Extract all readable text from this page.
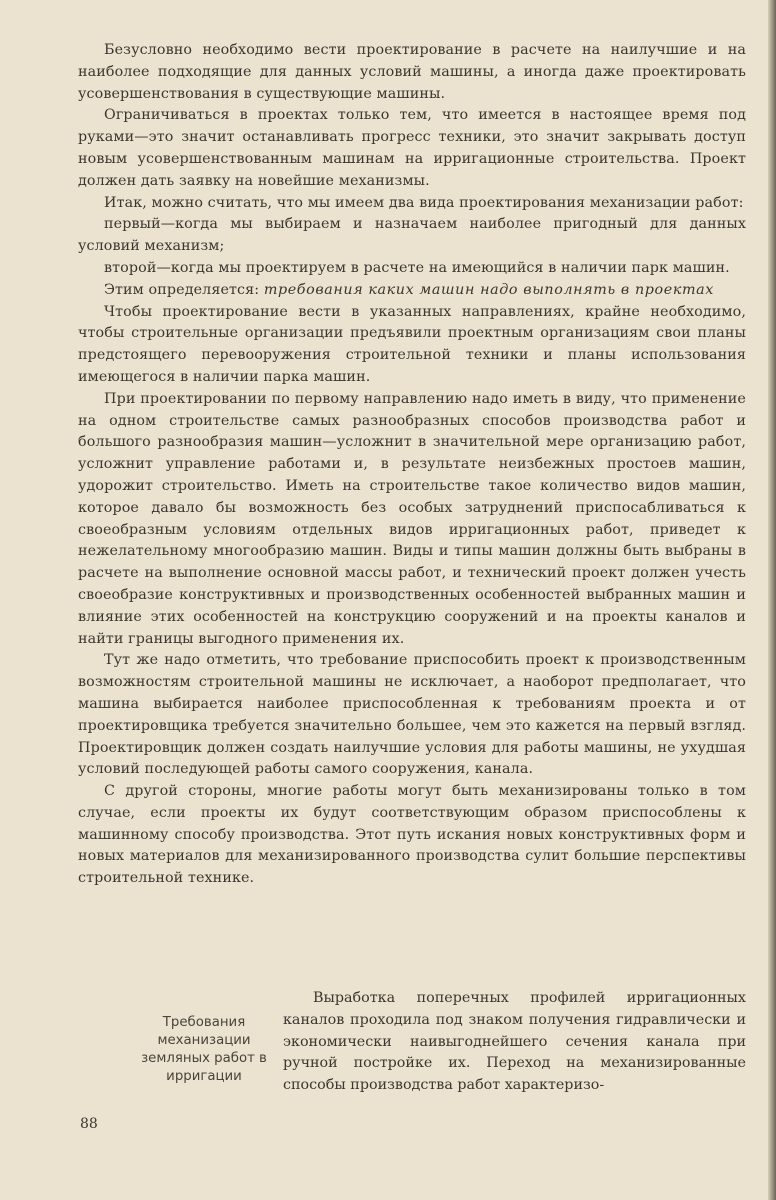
Безусловно необходимо вести проектирование в расчете на наилучшие и на наиболее подходящие для данных условий машины, а иногда даже проектировать усовершенствования в существующие машины.

Ограничиваться в проектах только тем, что имеется в настоящее время под руками—это значит останавливать прогресс техники, это значит закрывать доступ новым усовершенствованным машинам на ирригационные строительства. Проект должен дать заявку на новейшие механизмы.

Итак, можно считать, что мы имеем два вида проектирования механизации работ:

первый—когда мы выбираем и назначаем наиболее пригодный для данных условий механизм;

второй—когда мы проектируем в расчете на имеющийся в наличии парк машин.

Этим определяется: требования каких машин надо выполнять в проектах

Чтобы проектирование вести в указанных направлениях, крайне необходимо, чтобы строительные организации предъявили проектным организациям свои планы предстоящего перевооружения строительной техники и планы использования имеющегося в наличии парка машин.

При проектировании по первому направлению надо иметь в виду, что применение на одном строительстве самых разнообразных способов производства работ и большого разнообразия машин—усложнит в значительной мере организацию работ, усложнит управление работами и, в результате неизбежных простоев машин, удорожит строительство. Иметь на строительстве такое количество видов машин, которое давало бы возможность без особых затруднений приспосабливаться к своеобразным условиям отдельных видов ирригационных работ, приведет к нежелательному многообразию машин. Виды и типы машин должны быть выбраны в расчете на выполнение основной массы работ, и технический проект должен учесть своеобразие конструктивных и производственных особенностей выбранных машин и влияние этих особенностей на конструкцию сооружений и на проекты каналов и найти границы выгодного применения их.

Тут же надо отметить, что требование приспособить проект к производственным возможностям строительной машины не исключает, а наоборот предполагает, что машина выбирается наиболее приспособленная к требованиям проекта и от проектировщика требуется значительно большее, чем это кажется на первый взгляд. Проектировщик должен создать наилучшие условия для работы машины, не ухудшая условий последующей работы самого сооружения, канала.

С другой стороны, многие работы могут быть механизированы только в том случае, если проекты их будут соответствующим образом приспособлены к машинному способу производства. Этот путь искания новых конструктивных форм и новых материалов для механизированного производства сулит большие перспективы строительной технике.

Требования
механизации
земляных работ в
ирригации

Выработка поперечных профилей ирригационных каналов проходила под знаком получения гидравлически и экономически наивыгоднейшего сечения канала при ручной постройке их. Переход на механизированные способы производства работ характеризо-

88
